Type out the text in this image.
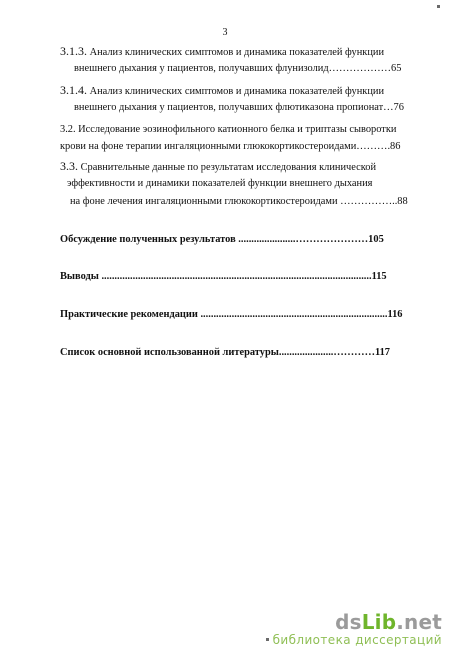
3
3.1.3. Анализ клинических симптомов и динамика показателей функции
внешнего дыхания у пациентов, получавших флунизолид………………65
3.1.4. Анализ клинических симптомов и динамика показателей функции
внешнего дыхания у пациентов, получавших флютиказона пропионат…76
3.2. Исследование эозинофильного катионного белка и триптазы сыворотки
крови на фоне терапии ингаляционными глюкокортикостероидами……….86
3.3. Сравнительные данные по результатам исследования клинической
эффективности и динамики показателей функции внешнего дыхания
на фоне лечения ингаляционными глюкокортикостероидами ……………..88
Обсуждение полученных результатов ......................…………………105
Выводы ........................................................................................................115
Практические рекомендации ........................................................................116
Список основной использованной литературы.....................…………117
dsLib.net
библиотека диссертаций
